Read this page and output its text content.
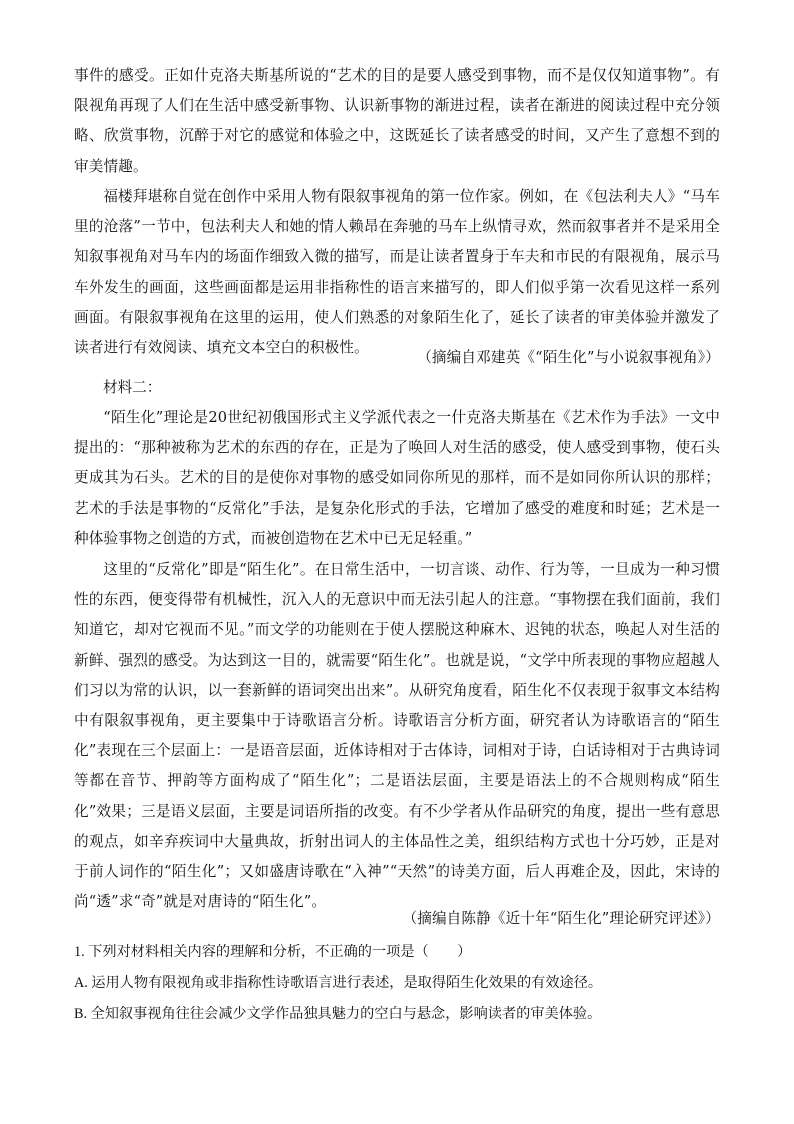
事件的感受。正如什克洛夫斯基所说的“艺术的目的是要人感受到事物，而不是仅仅知道事物”。有限视角再现了人们在生活中感受新事物、认识新事物的渐进过程，读者在渐进的阅读过程中充分领略、欣赏事物，沉醉于对它的感觉和体验之中，这既延长了读者感受的时间，又产生了意想不到的审美情趣。

福楼拜堪称自觉在创作中采用人物有限叙事视角的第一位作家。例如，在《包法利夫人》“马车里的沧落”一节中，包法利夫人和她的情人赖昂在奔驰的马车上纵情寻欢，然而叙事者并不是采用全知叙事视角对马车内的场面作细致入微的描写，而是让读者置身于车夫和市民的有限视角，展示马车外发生的画面，这些画面都是运用非指称性的语言来描写的，即人们似乎第一次看见这样一系列画面。有限叙事视角在这里的运用，使人们熟悉的对象陌生化了，延长了读者的审美体验并激发了读者进行有效阅读、填充文本空白的积极性。

（摘编自邓建英《“陌生化”与小说叙事视角》）

材料二：

“陌生化”理论是20世纪初俄国形式主义学派代表之一什克洛夫斯基在《艺术作为手法》一文中提出的：“那种被称为艺术的东西的存在，正是为了唤回人对生活的感受，使人感受到事物，使石头更成其为石头。艺术的目的是使你对事物的感受如同你所见的那样，而不是如同你所认识的那样；艺术的手法是事物的“反常化”手法，是复杂化形式的手法，它增加了感受的难度和时延；艺术是一种体验事物之创造的方式，而被创造物在艺术中已无足轻重。”

这里的“反常化”即是“陌生化”。在日常生活中，一切言谈、动作、行为等，一旦成为一种习惯性的东西，便变得带有机械性，沉入人的无意识中而无法引起人的注意。“事物摆在我们面前，我们知道它，却对它视而不见。”而文学的功能则在于使人摆脱这种麻木、迟钝的状态，唤起人对生活的新鲜、强烈的感受。为达到这一目的，就需要“陌生化”。也就是说，“文学中所表现的事物应超越人们习以为常的认识，以一套新鲜的语词突出出来”。从研究角度看，陌生化不仅表现于叙事文本结构中有限叙事视角，更主要集中于诗歌语言分析。诗歌语言分析方面，研究者认为诗歌语言的“陌生化”表现在三个层面上：一是语音层面，近体诗相对于古体诗，词相对于诗，白话诗相对于古典诗词等都在音节、押韵等方面构成了“陌生化”；二是语法层面，主要是语法上的不合规则构成“陌生化”效果；三是语义层面，主要是词语所指的改变。有不少学者从作品研究的角度，提出一些有意思的观点，如辛弃疾词中大量典故，折射出词人的主体品性之美，组织结构方式也十分巧妙，正是对于前人词作的“陌生化”；又如盛唐诗歌在“入神”“天然”的诗美方面，后人再难企及，因此，宋诗的尚“透”求“奇”就是对唐诗的“陌生化”。

（摘编自陈静《近十年“陌生化”理论研究评述》）

1. 下列对材料相关内容的理解和分析，不正确的一项是（　　）

A. 运用人物有限视角或非指称性诗歌语言进行表述，是取得陌生化效果的有效途径。

B. 全知叙事视角往往会减少文学作品独具魅力的空白与悬念，影响读者的审美体验。
